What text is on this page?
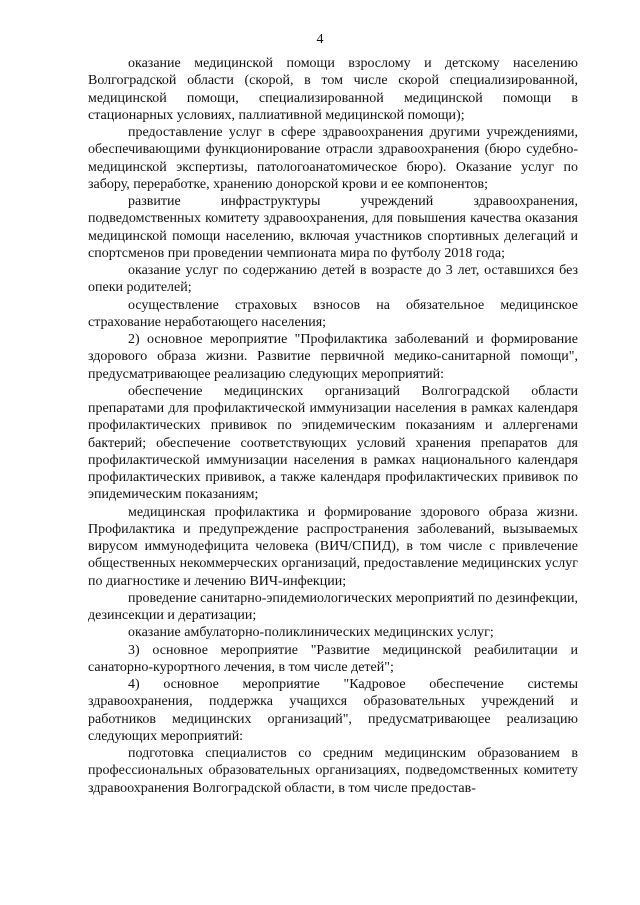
4

оказание медицинской помощи взрослому и детскому населению Волгоградской области (скорой, в том числе скорой специализированной, медицинской помощи, специализированной медицинской помощи в стационарных условиях, паллиативной медицинской помощи);

предоставление услуг в сфере здравоохранения другими учреждениями, обеспечивающими функционирование отрасли здравоохранения (бюро судебно-медицинской экспертизы, патологоанатомическое бюро). Оказание услуг по забору, переработке, хранению донорской крови и ее компонентов;

развитие инфраструктуры учреждений здравоохранения, подведомственных комитету здравоохранения, для повышения качества оказания медицинской помощи населению, включая участников спортивных делегаций и спортсменов при проведении чемпионата мира по футболу 2018 года;

оказание услуг по содержанию детей в возрасте до 3 лет, оставшихся без опеки родителей;

осуществление страховых взносов на обязательное медицинское страхование неработающего населения;

2) основное мероприятие "Профилактика заболеваний и формирование здорового образа жизни. Развитие первичной медико-санитарной помощи", предусматривающее реализацию следующих мероприятий:

обеспечение медицинских организаций Волгоградской области препаратами для профилактической иммунизации населения в рамках календаря профилактических прививок по эпидемическим показаниям и аллергенами бактерий; обеспечение соответствующих условий хранения препаратов для профилактической иммунизации населения в рамках национального календаря профилактических прививок, а также календаря профилактических прививок по эпидемическим показаниям;

медицинская профилактика и формирование здорового образа жизни. Профилактика и предупреждение распространения заболеваний, вызываемых вирусом иммунодефицита человека (ВИЧ/СПИД), в том числе с привлечение общественных некоммерческих организаций, предоставление медицинских услуг по диагностике и лечению ВИЧ-инфекции;

проведение санитарно-эпидемиологических мероприятий по дезинфекции, дезинсекции и дератизации;

оказание амбулаторно-поликлинических медицинских услуг;

3) основное мероприятие "Развитие медицинской реабилитации и санаторно-курортного лечения, в том числе детей";

4) основное мероприятие "Кадровое обеспечение системы здравоохранения, поддержка учащихся образовательных учреждений и работников медицинских организаций", предусматривающее реализацию следующих мероприятий:

подготовка специалистов со средним медицинским образованием в профессиональных образовательных организациях, подведомственных комитету здравоохранения Волгоградской области, в том числе предостав-
